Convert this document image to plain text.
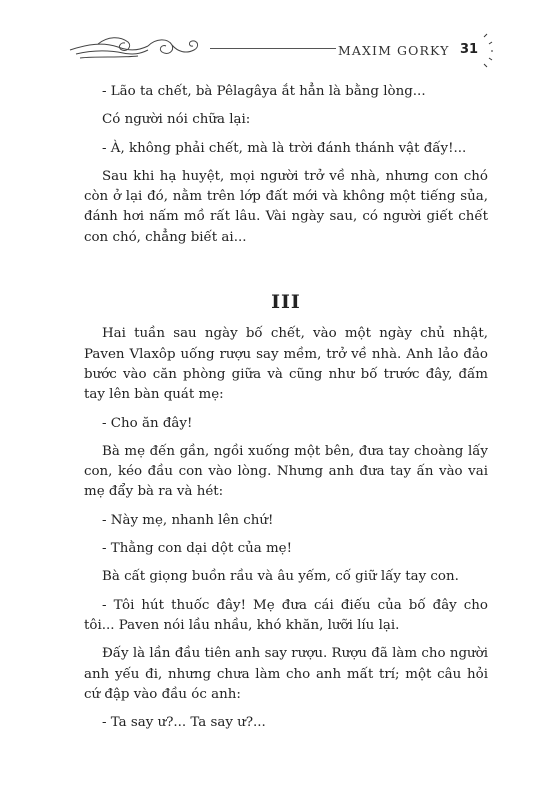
MAXIM GORKY 31

- Lão ta chết, bà Pêlagâya ắt hẳn là bằng lòng...

Có người nói chữa lại:

- À, không phải chết, mà là trời đánh thánh vật đấy!...

Sau khi hạ huyệt, mọi người trở về nhà, nhưng con chó còn ở lại đó, nằm trên lớp đất mới và không một tiếng sủa, đánh hơi nấm mồ rất lâu. Vài ngày sau, có người giết chết con chó, chẳng biết ai...

III

Hai tuần sau ngày bố chết, vào một ngày chủ nhật, Paven Vlaxôp uống rượu say mềm, trở về nhà. Anh lảo đảo bước vào căn phòng giữa và cũng như bố trước đây, đấm tay lên bàn quát mẹ:

- Cho ăn đây!

Bà mẹ đến gần, ngồi xuống một bên, đưa tay choàng lấy con, kéo đầu con vào lòng. Nhưng anh đưa tay ấn vào vai mẹ đẩy bà ra và hét:

- Này mẹ, nhanh lên chứ!

- Thằng con dại dột của mẹ!

Bà cất giọng buồn rầu và âu yếm, cố giữ lấy tay con.

- Tôi hút thuốc đây! Mẹ đưa cái điếu của bố đây cho tôi... Paven nói lầu nhầu, khó khăn, lưỡi líu lại.

Đấy là lần đầu tiên anh say rượu. Rượu đã làm cho người anh yếu đi, nhưng chưa làm cho anh mất trí; một câu hỏi cứ đập vào đầu óc anh:

- Ta say ư?... Ta say ư?...
